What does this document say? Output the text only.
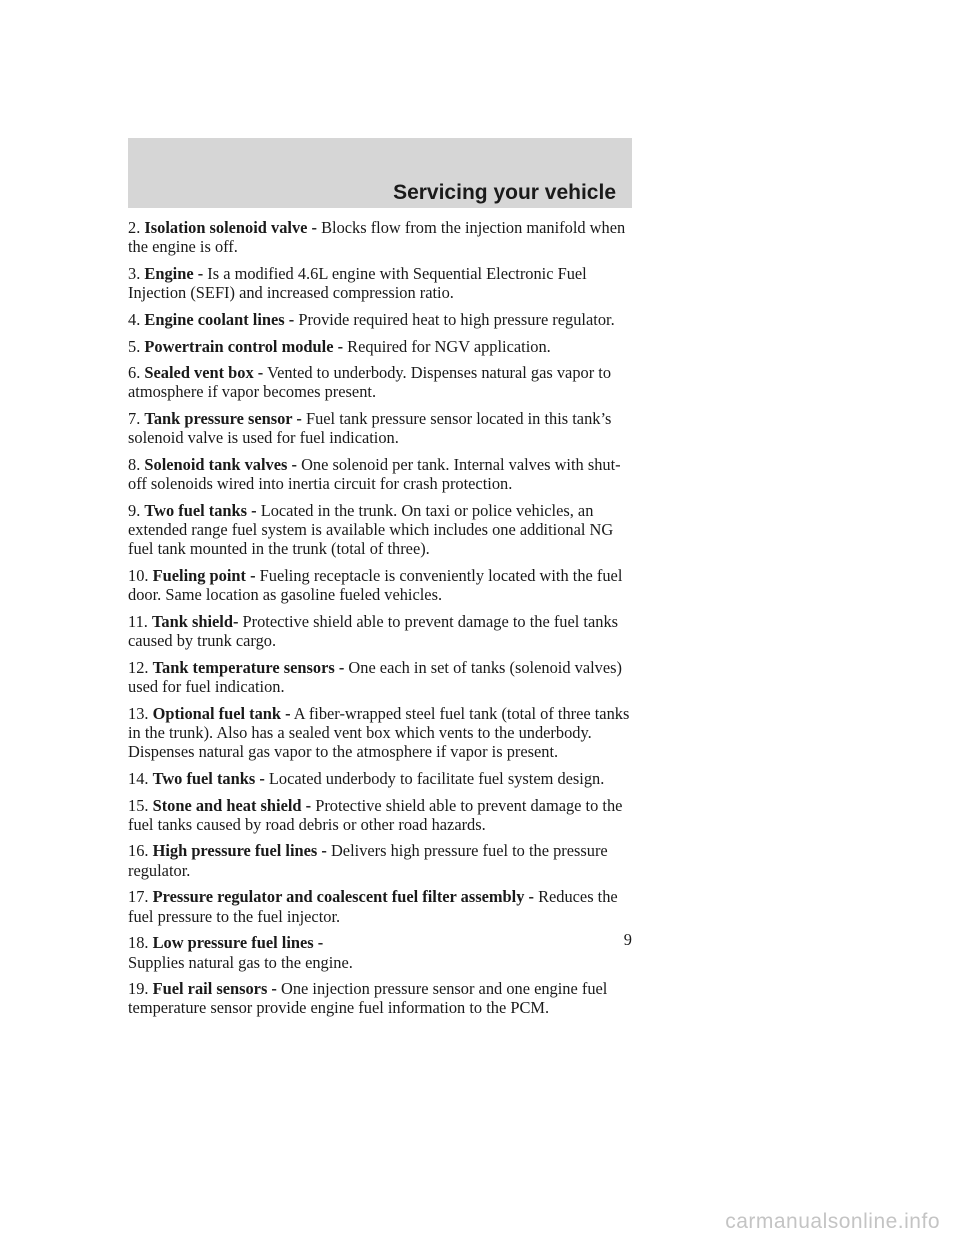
Servicing your vehicle

2. Isolation solenoid valve - Blocks flow from the injection manifold when the engine is off.

3. Engine - Is a modified 4.6L engine with Sequential Electronic Fuel Injection (SEFI) and increased compression ratio.

4. Engine coolant lines - Provide required heat to high pressure regulator.

5. Powertrain control module - Required for NGV application.

6. Sealed vent box - Vented to underbody. Dispenses natural gas vapor to atmosphere if vapor becomes present.

7. Tank pressure sensor - Fuel tank pressure sensor located in this tank’s solenoid valve is used for fuel indication.

8. Solenoid tank valves - One solenoid per tank. Internal valves with shut-off solenoids wired into inertia circuit for crash protection.

9. Two fuel tanks - Located in the trunk. On taxi or police vehicles, an extended range fuel system is available which includes one additional NG fuel tank mounted in the trunk (total of three).

10. Fueling point - Fueling receptacle is conveniently located with the fuel door. Same location as gasoline fueled vehicles.

11. Tank shield- Protective shield able to prevent damage to the fuel tanks caused by trunk cargo.

12. Tank temperature sensors - One each in set of tanks (solenoid valves) used for fuel indication.

13. Optional fuel tank - A fiber-wrapped steel fuel tank (total of three tanks in the trunk). Also has a sealed vent box which vents to the underbody. Dispenses natural gas vapor to the atmosphere if vapor is present.

14. Two fuel tanks - Located underbody to facilitate fuel system design.

15. Stone and heat shield - Protective shield able to prevent damage to the fuel tanks caused by road debris or other road hazards.

16. High pressure fuel lines - Delivers high pressure fuel to the pressure regulator.

17. Pressure regulator and coalescent fuel filter assembly - Reduces the fuel pressure to the fuel injector.

18. Low pressure fuel lines -
Supplies natural gas to the engine.

19. Fuel rail sensors - One injection pressure sensor and one engine fuel temperature sensor provide engine fuel information to the PCM.

9
carmanualsonline.info
